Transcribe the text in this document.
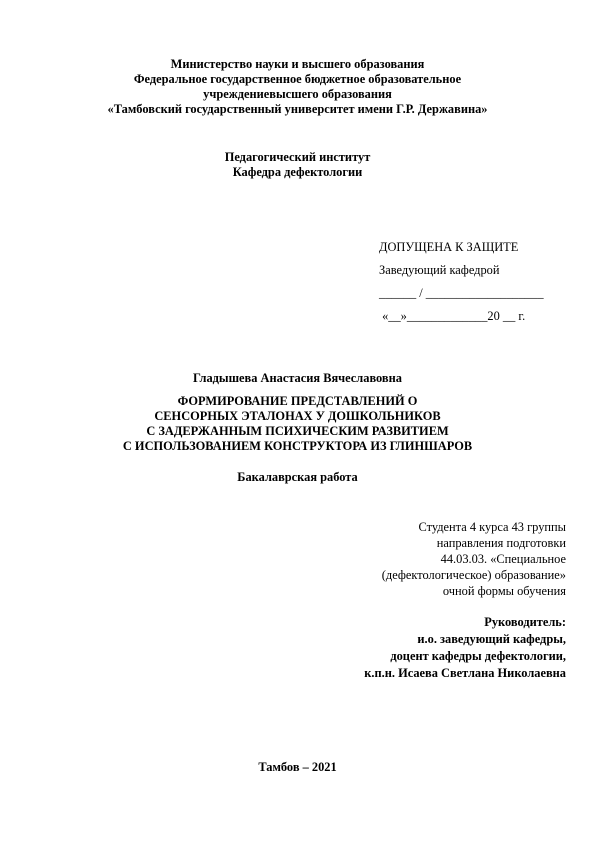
Министерство науки и высшего образования
Федеральное государственное бюджетное образовательное
учреждениевысшего образования
«Тамбовский государственный университет имени Г.Р. Державина»
Педагогический институт
Кафедра дефектологии
ДОПУЩЕНА К ЗАЩИТЕ
Заведующий кафедрой
______ / ___________________
«__»_____________20 __ г.
Гладышева Анастасия Вячеславовна
ФОРМИРОВАНИЕ ПРЕДСТАВЛЕНИЙ О
СЕНСОРНЫХ ЭТАЛОНАХ У ДОШКОЛЬНИКОВ
С ЗАДЕРЖАННЫМ ПСИХИЧЕСКИМ РАЗВИТИЕМ
С ИСПОЛЬЗОВАНИЕМ КОНСТРУКТОРА ИЗ ГЛИНШАРОВ
Бакалаврская работа
Студента 4 курса 43 группы
направления подготовки
44.03.03. «Специальное
(дефектологическое) образование»
очной формы обучения
Руководитель:
и.о. заведующий кафедры,
доцент кафедры дефектологии,
к.п.н. Исаева Светлана Николаевна
Тамбов – 2021
